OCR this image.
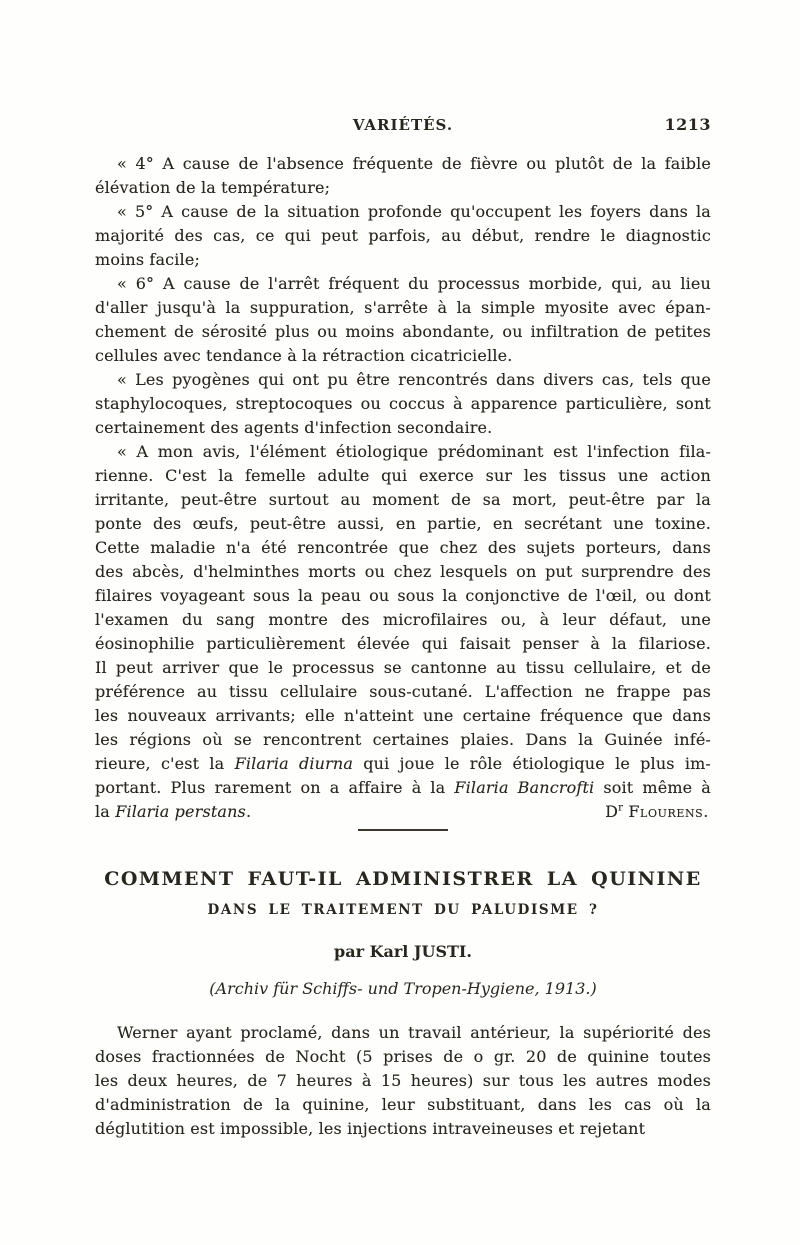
VARIÉTÉS.	1213
« 4° A cause de l'absence fréquente de fièvre ou plutôt de la faible
élévation de la température;
« 5° A cause de la situation profonde qu'occupent les foyers dans la
majorité des cas, ce qui peut parfois, au début, rendre le diagnostic
moins facile;
« 6° A cause de l'arrêt fréquent du processus morbide, qui, au lieu
d'aller jusqu'à la suppuration, s'arrête à la simple myosite avec épan-
chement de sérosité plus ou moins abondante, ou infiltration de petites
cellules avec tendance à la rétraction cicatricielle.
« Les pyogènes qui ont pu être rencontrés dans divers cas, tels que
staphylocoques, streptocoques ou coccus à apparence particulière, sont
certainement des agents d'infection secondaire.
« A mon avis, l'élément étiologique prédominant est l'infection fila-
rienne. C'est la femelle adulte qui exerce sur les tissus une action
irritante, peut-être surtout au moment de sa mort, peut-être par la
ponte des œufs, peut-être aussi, en partie, en secrétant une toxine.
Cette maladie n'a été rencontrée que chez des sujets porteurs, dans
des abcès, d'helminthes morts ou chez lesquels on put surprendre des
filaires voyageant sous la peau ou sous la conjonctive de l'œil, ou dont
l'examen du sang montre des microfilaires ou, à leur défaut, une
éosinophilie particulièrement élevée qui faisait penser à la filariose.
Il peut arriver que le processus se cantonne au tissu cellulaire, et de
préférence au tissu cellulaire sous-cutané. L'affection ne frappe pas
les nouveaux arrivants; elle n'atteint une certaine fréquence que dans
les régions où se rencontrent certaines plaies. Dans la Guinée infé-
rieure, c'est la Filaria diurna qui joue le rôle étiologique le plus im-
portant. Plus rarement on a affaire à la Filaria Bancrofti soit même à
la Filaria perstans.	$D^r$ Flourens.
COMMENT FAUT-IL ADMINISTRER LA QUININE
DANS LE TRAITEMENT DU PALUDISME ?
par Karl JUSTI.
(Archiv für Schiffs- und Tropen-Hygiene, 1913.)
Werner ayant proclamé, dans un travail antérieur, la supériorité des
doses fractionnées de Nocht (5 prises de o gr. 20 de quinine toutes
les deux heures, de 7 heures à 15 heures) sur tous les autres modes
d'administration de la quinine, leur substituant, dans les cas où la
déglutition est impossible, les injections intraveineuses et rejetant
